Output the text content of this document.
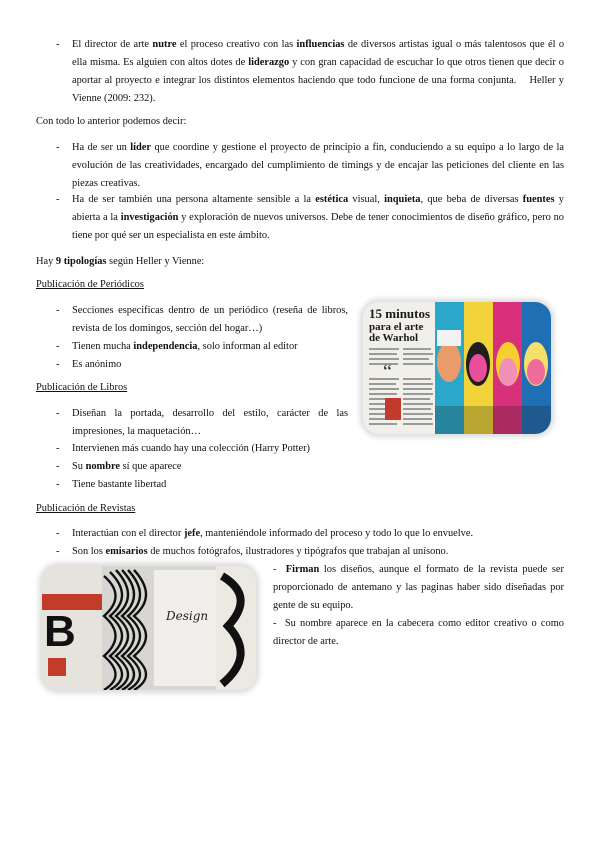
- El director de arte nutre el proceso creativo con las influencias de diversos artistas igual o más talentosos que él o ella misma. Es alguien con altos dotes de liderazgo y con gran capacidad de escuchar lo que otros tienen que decir o aportar al proyecto e integrar los distintos elementos haciendo que todo funcione de una forma conjunta. Heller y Vienne (2009: 232).

Con todo lo anterior podemos decir:

- Ha de ser un líder que coordine y gestione el proyecto de principio a fin, conduciendo a su equipo a lo largo de la evolución de las creatividades, encargado del cumplimiento de timings y de encajar las peticiones del cliente en las piezas creativas.

- Ha de ser también una persona altamente sensible a la estética visual, inquieta, que beba de diversas fuentes y abierta a la investigación y exploración de nuevos universos. Debe de tener conocimientos de diseño gráfico, pero no tiene por qué ser un especialista en este ámbito.

Hay 9 tipologías según Heller y Vienne:

Publicación de Periódicos

- Secciones especificas dentro de un periódico (reseña de libros, revista de los domingos, sección del hogar…)

- Tienen mucha independencia, solo informan al editor

- Es anónimo

15 minutos
para el arte
de Warhol
“

Publicación de Libros

- Diseñan la portada, desarrollo del estilo, carácter de las impresiones, la maquetación…

- Intervienen más cuando hay una colección (Harry Potter)

- Su nombre sí que aparece

- Tiene bastante libertad

Publicación de Revistas

- Interactúan con el director jefe, manteniéndole informado del proceso y todo lo que lo envuelve.

- Son los emisarios de muchos fotógrafos, ilustradores y tipógrafos que trabajan al unísono.

B	Design

- Firman los diseños, aunque el formato de la revista puede ser proporcionado de antemano y las paginas haber sido diseñadas por gente de su equipo.

- Su nombre aparece en la cabecera como editor creativo o como director de arte.
